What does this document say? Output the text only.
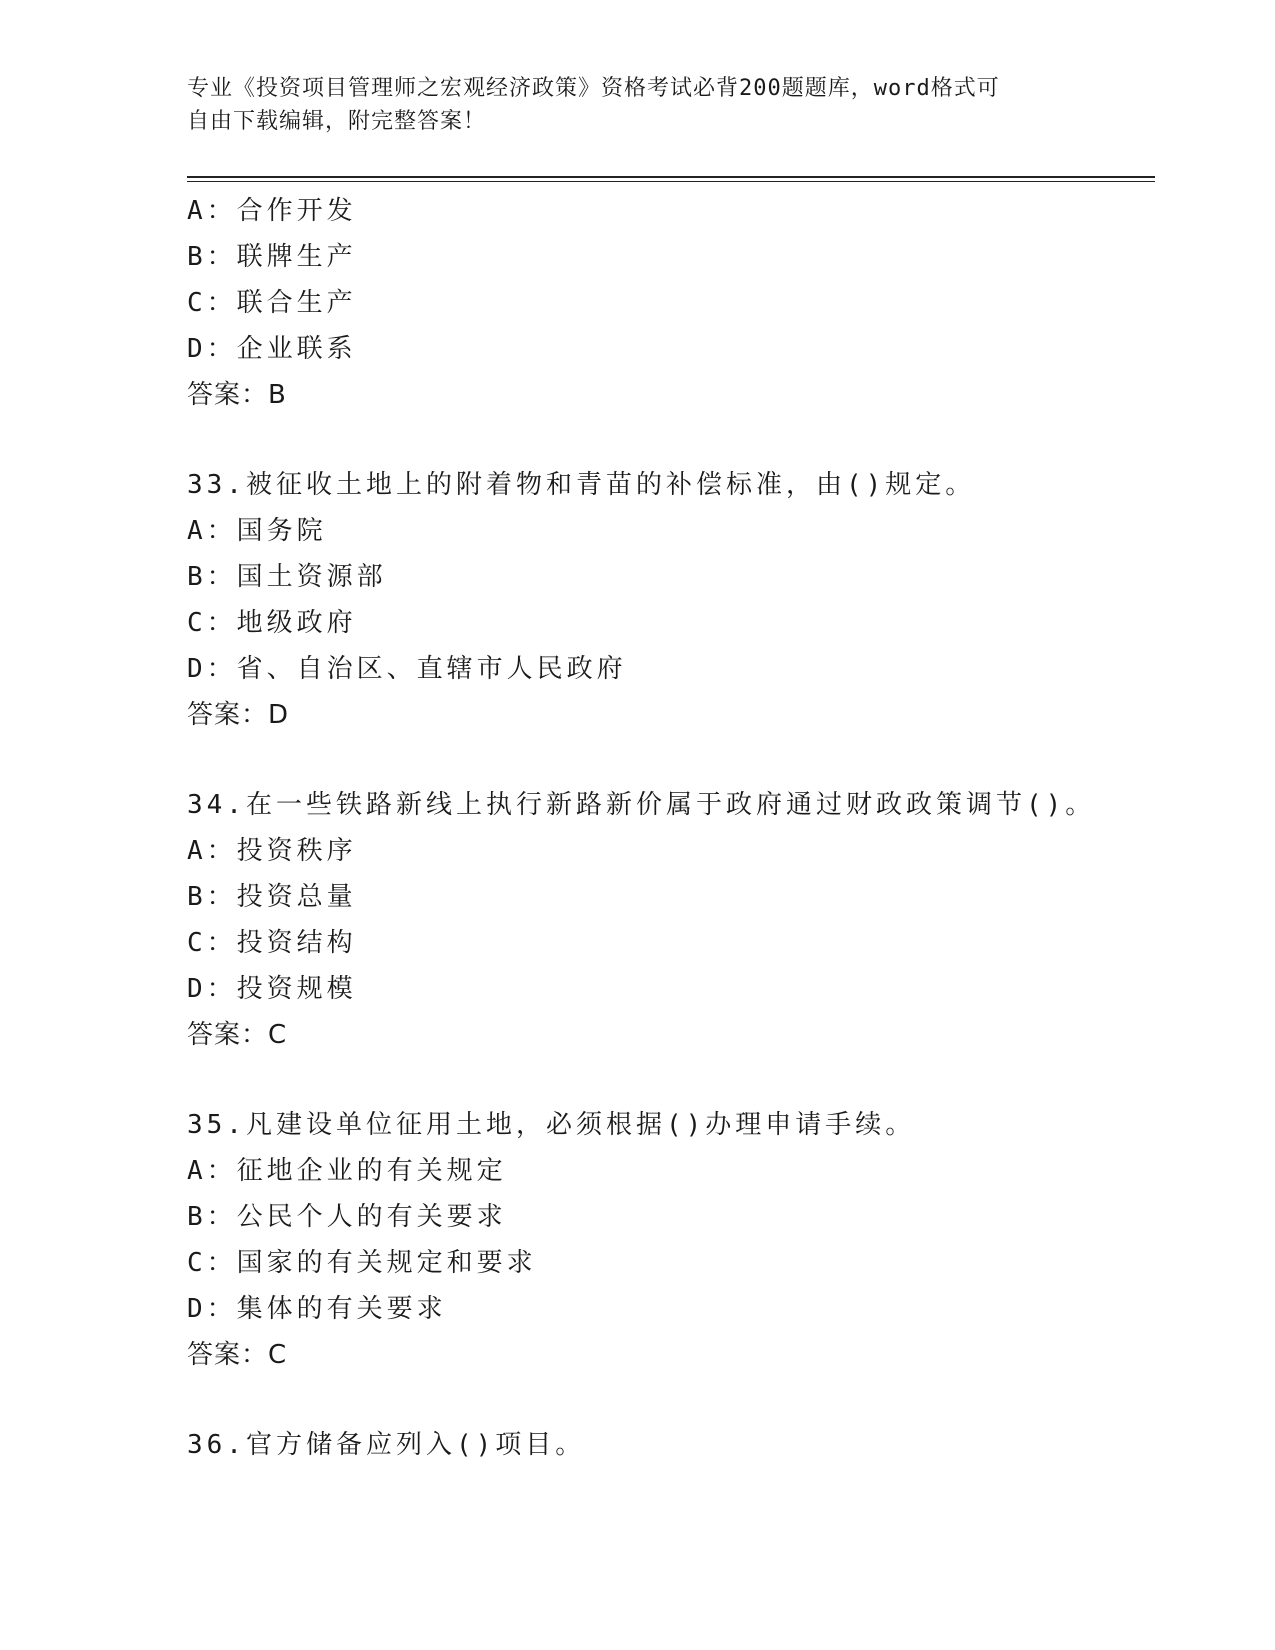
专业《投资项目管理师之宏观经济政策》资格考试必背200题题库，word格式可
自由下载编辑，附完整答案！
A：合作开发
B：联牌生产
C：联合生产
D：企业联系
答案：B
33.被征收土地上的附着物和青苗的补偿标准，由()规定。
A：国务院
B：国土资源部
C：地级政府
D：省、自治区、直辖市人民政府
答案：D
34.在一些铁路新线上执行新路新价属于政府通过财政政策调节()。
A：投资秩序
B：投资总量
C：投资结构
D：投资规模
答案：C
35.凡建设单位征用土地，必须根据()办理申请手续。
A：征地企业的有关规定
B：公民个人的有关要求
C：国家的有关规定和要求
D：集体的有关要求
答案：C
36.官方储备应列入()项目。
